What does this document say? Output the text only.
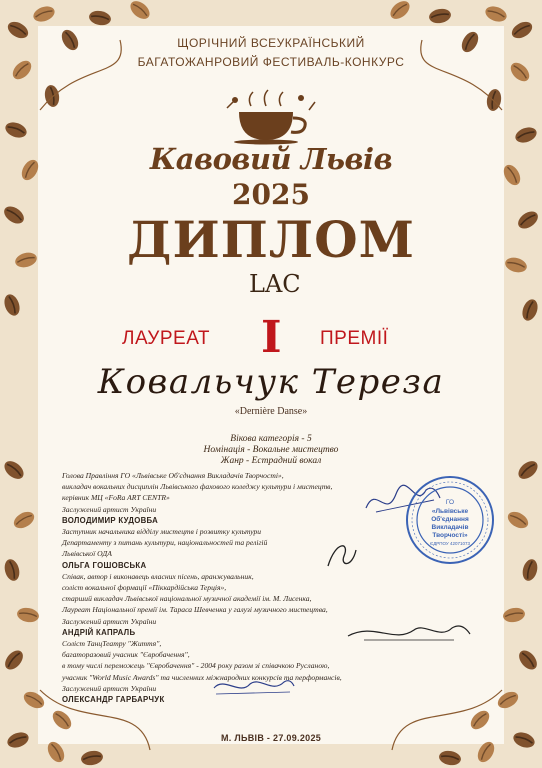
ЩОРІЧНИЙ ВСЕУКРАЇНСЬКИЙ
БАГАТОЖАНРОВИЙ ФЕСТИВАЛЬ-КОНКУРС
Кавовий Львів
2025
ДИПЛОМ
LAC
ЛАУРЕАТ I ПРЕМІЇ
Ковальчук Тереза
«Dernière Danse»
Вікова категорія - 5
Номінація - Вокальне мистецтво
Жанр - Естрадний вокал
Голова Правління ГО «Львівське Об'єднання Викладачів Творчості»,
викладач вокальних дисциплін Львівського фахового коледжу культури і мистецтв,
керівник МЦ «FoRa ART CENTR»
Заслужений артист України
ВОЛОДИМИР КУДОВБА
Заступник начальника відділу мистецтв і розвитку культури
Департаменту з питань культури, національностей та релігій
Львівської ОДА
ОЛЬГА ГОШОВСЬКА
Співак, автор і виконавець власних пісень, аранжувальник,
соліст вокальної формації «Піккардійська Терція»,
старший викладач Львівської національної музичної академії ім. М. Лисенка,
Лауреат Національної премії ім. Тараса Шевченка у галузі музичного мистецтва,
Заслужений артист України
АНДРІЙ КАПРАЛЬ
Соліст ТанцТеатру "Життя",
багаторазовий учасник "Євробачення",
в тому числі переможець "Євробачення" - 2004 року разом зі співачкою Русланою,
учасник "World Music Awards" та численних міжнародних конкурсів та перформансів,
Заслужений артист України
ОЛЕКСАНДР ГАРБАРЧУК
ГО
«Львівське
Об'єднання
Викладачів
Творчості»
ЄДРПОУ 42071073
М. ЛЬВІВ - 27.09.2025
